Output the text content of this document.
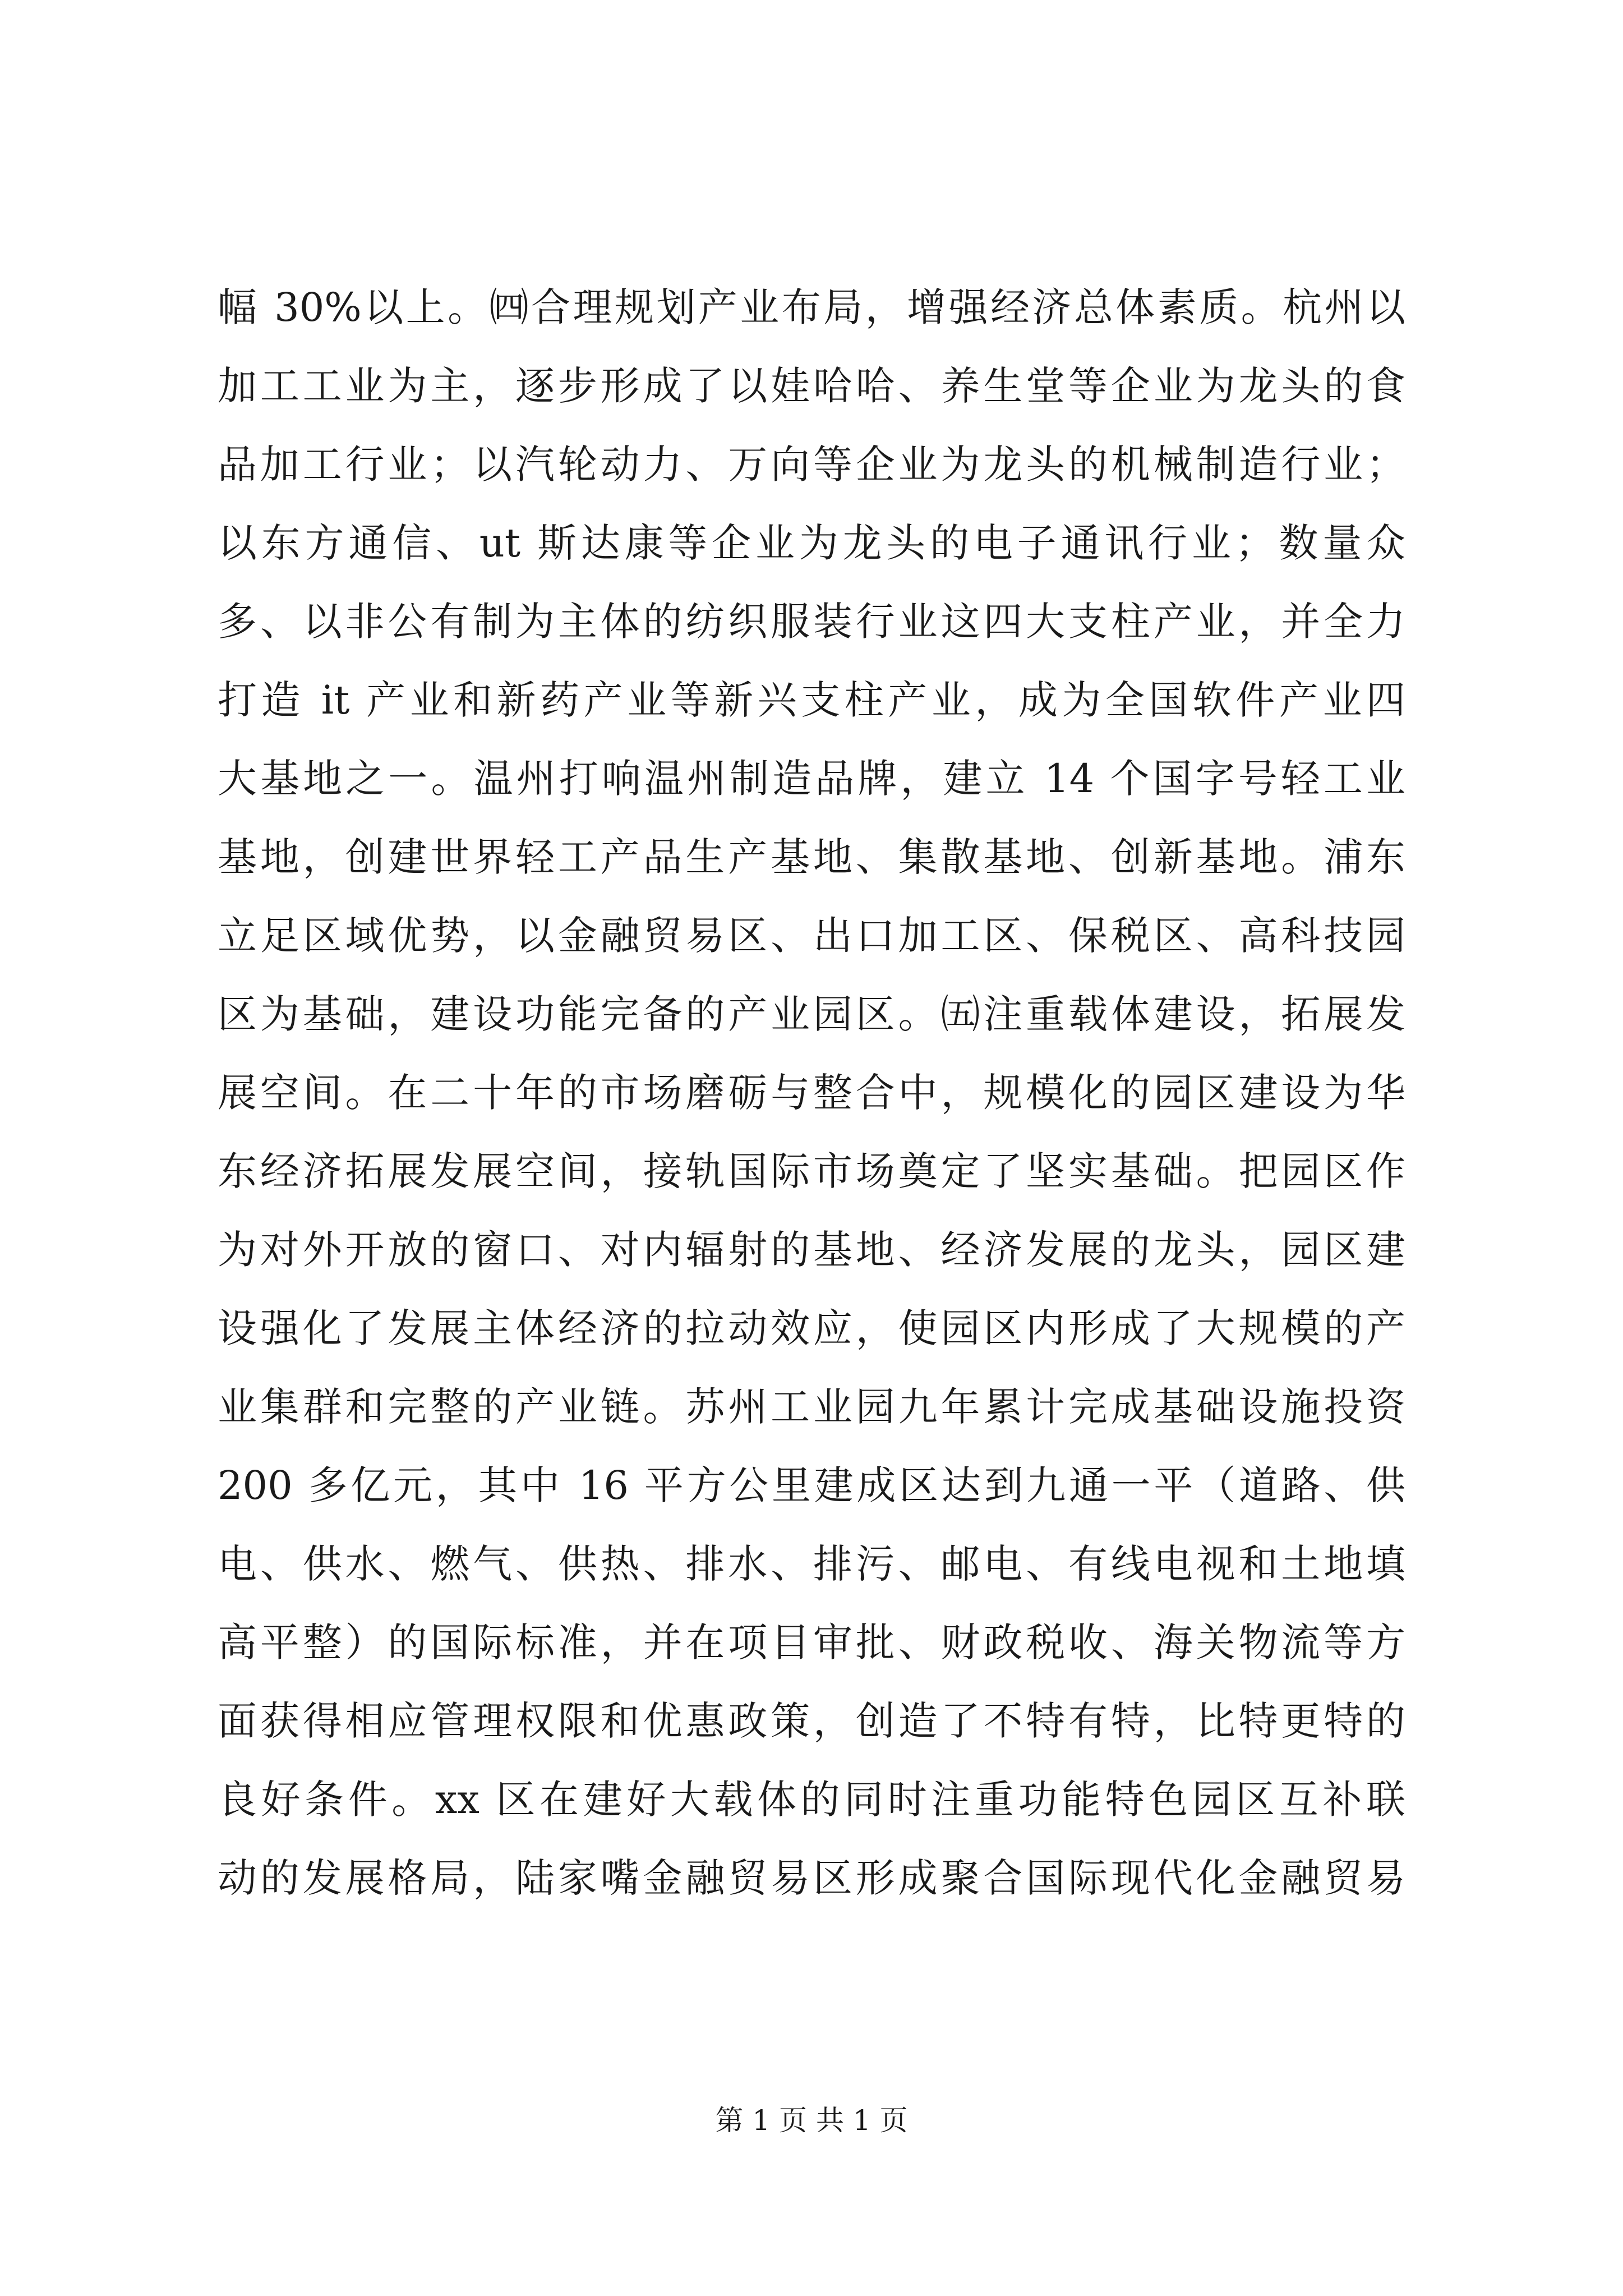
幅 30%以上。㈣合理规划产业布局，增强经济总体素质。杭州以
加工工业为主，逐步形成了以娃哈哈、养生堂等企业为龙头的食
品加工行业；以汽轮动力、万向等企业为龙头的机械制造行业；
以东方通信、ut 斯达康等企业为龙头的电子通讯行业；数量众
多、以非公有制为主体的纺织服装行业这四大支柱产业，并全力
打造 it 产业和新药产业等新兴支柱产业，成为全国软件产业四
大基地之一。温州打响温州制造品牌，建立 14 个国字号轻工业
基地，创建世界轻工产品生产基地、集散基地、创新基地。浦东
立足区域优势，以金融贸易区、出口加工区、保税区、高科技园
区为基础，建设功能完备的产业园区。㈤注重载体建设，拓展发
展空间。在二十年的市场磨砺与整合中，规模化的园区建设为华
东经济拓展发展空间，接轨国际市场奠定了坚实基础。把园区作
为对外开放的窗口、对内辐射的基地、经济发展的龙头，园区建
设强化了发展主体经济的拉动效应，使园区内形成了大规模的产
业集群和完整的产业链。苏州工业园九年累计完成基础设施投资
200 多亿元，其中 16 平方公里建成区达到九通一平（道路、供
电、供水、燃气、供热、排水、排污、邮电、有线电视和土地填
高平整）的国际标准，并在项目审批、财政税收、海关物流等方
面获得相应管理权限和优惠政策，创造了不特有特，比特更特的
良好条件。xx 区在建好大载体的同时注重功能特色园区互补联
动的发展格局，陆家嘴金融贸易区形成聚合国际现代化金融贸易
第 1 页 共 1 页
